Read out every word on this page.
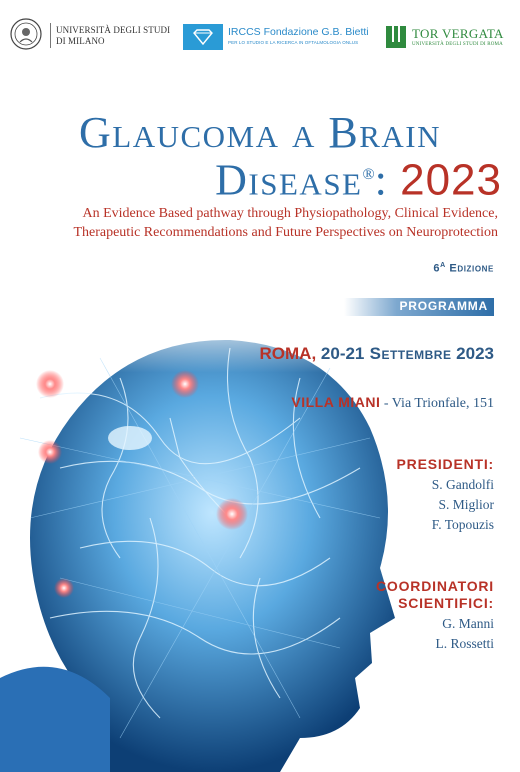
UNIVERSITÀ DEGLI STUDI
DI MILANO
IRCCS Fondazione G.B. Bietti
PER LO STUDIO E LA RICERCA IN OFTALMOLOGIA ONLUS
TOR VERGATA
UNIVERSITÀ DEGLI STUDI DI ROMA
Glaucoma a Brain
Disease®: 2023
An Evidence Based pathway through Physiopathology, Clinical Evidence,
Therapeutic Recommendations and Future Perspectives on Neuroprotection
$6^A$ Edizione
PROGRAMMA
ROMA, 20-21 Settembre 2023
VILLA MIANI - Via Trionfale, 151
PRESIDENTI:
S. Gandolfi
S. Miglior
F. Topouzis
COORDINATORI
SCIENTIFICI:
G. Manni
L. Rossetti
